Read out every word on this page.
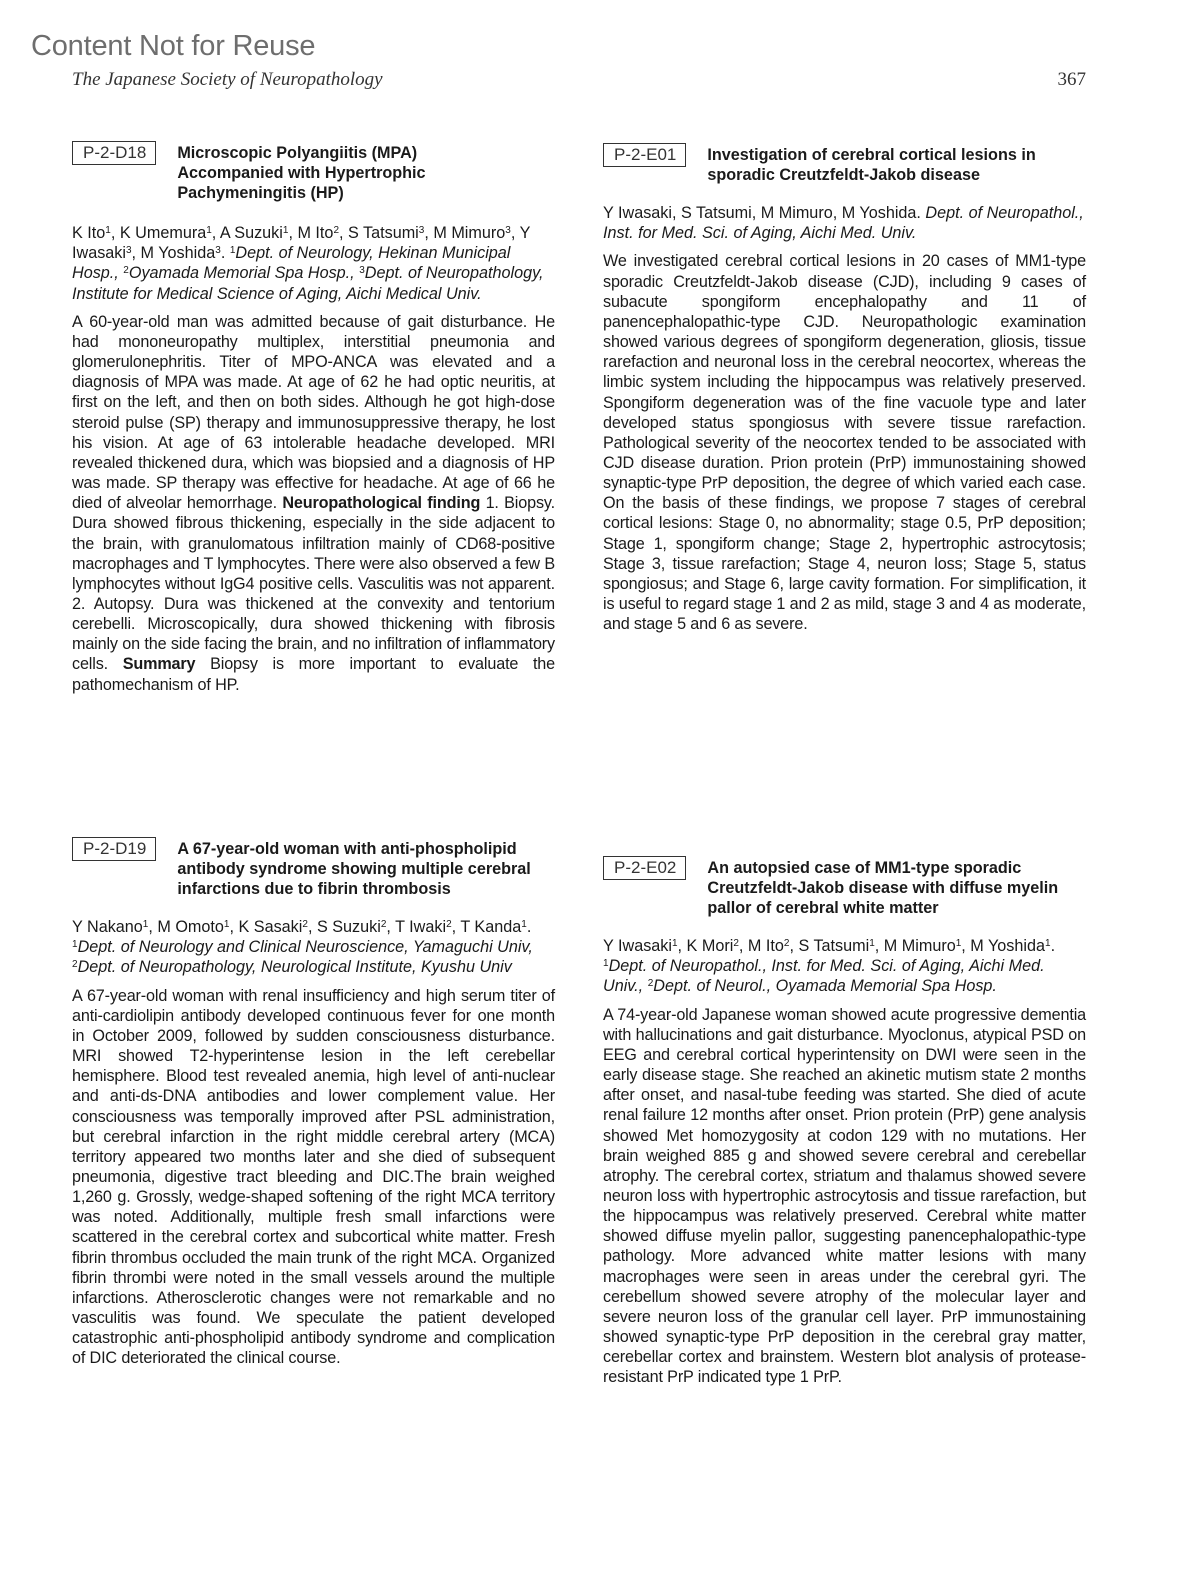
Content Not for Reuse
The Japanese Society of Neuropathology	367
P-2-D18	Microscopic Polyangiitis (MPA) Accompanied with Hypertrophic Pachymeningitis (HP)
K Ito$^1$, K Umemura$^1$, A Suzuki$^1$, M Ito$^2$, S Tatsumi$^3$, M Mimuro$^3$, Y Iwasaki$^3$, M Yoshida$^3$. $^1$Dept. of Neurology, Hekinan Municipal Hosp., $^2$Oyamada Memorial Spa Hosp., $^3$Dept. of Neuropathology, Institute for Medical Science of Aging, Aichi Medical Univ.
A 60-year-old man was admitted because of gait disturbance. He had mononeuropathy multiplex, interstitial pneumonia and glomerulonephritis. Titer of MPO-ANCA was elevated and a diagnosis of MPA was made. At age of 62 he had optic neuritis, at first on the left, and then on both sides. Although he got high-dose steroid pulse (SP) therapy and immunosuppressive therapy, he lost his vision. At age of 63 intolerable headache developed. MRI revealed thickened dura, which was biopsied and a diagnosis of HP was made. SP therapy was effective for headache. At age of 66 he died of alveolar hemorrhage. Neuropathological finding 1. Biopsy. Dura showed fibrous thickening, especially in the side adjacent to the brain, with granulomatous infiltration mainly of CD68-positive macrophages and T lymphocytes. There were also observed a few B lymphocytes without IgG4 positive cells. Vasculitis was not apparent. 2. Autopsy. Dura was thickened at the convexity and tentorium cerebelli. Microscopically, dura showed thickening with fibrosis mainly on the side facing the brain, and no infiltration of inflammatory cells. Summary Biopsy is more important to evaluate the pathomechanism of HP.
P-2-E01	Investigation of cerebral cortical lesions in sporadic Creutzfeldt-Jakob disease
Y Iwasaki, S Tatsumi, M Mimuro, M Yoshida. Dept. of Neuropathol., Inst. for Med. Sci. of Aging, Aichi Med. Univ.
We investigated cerebral cortical lesions in 20 cases of MM1-type sporadic Creutzfeldt-Jakob disease (CJD), including 9 cases of subacute spongiform encephalopathy and 11 of panencephalopathic-type CJD. Neuropathologic examination showed various degrees of spongiform degeneration, gliosis, tissue rarefaction and neuronal loss in the cerebral neocortex, whereas the limbic system including the hippocampus was relatively preserved. Spongiform degeneration was of the fine vacuole type and later developed status spongiosus with severe tissue rarefaction. Pathological severity of the neocortex tended to be associated with CJD disease duration. Prion protein (PrP) immunostaining showed synaptic-type PrP deposition, the degree of which varied each case. On the basis of these findings, we propose 7 stages of cerebral cortical lesions: Stage 0, no abnormality; stage 0.5, PrP deposition; Stage 1, spongiform change; Stage 2, hypertrophic astrocytosis; Stage 3, tissue rarefaction; Stage 4, neuron loss; Stage 5, status spongiosus; and Stage 6, large cavity formation. For simplification, it is useful to regard stage 1 and 2 as mild, stage 3 and 4 as moderate, and stage 5 and 6 as severe.
P-2-D19	A 67-year-old woman with anti-phospholipid antibody syndrome showing multiple cerebral infarctions due to fibrin thrombosis
Y Nakano$^1$, M Omoto$^1$, K Sasaki$^2$, S Suzuki$^2$, T Iwaki$^2$, T Kanda$^1$. $^1$Dept. of Neurology and Clinical Neuroscience, Yamaguchi Univ, $^2$Dept. of Neuropathology, Neurological Institute, Kyushu Univ
A 67-year-old woman with renal insufficiency and high serum titer of anti-cardiolipin antibody developed continuous fever for one month in October 2009, followed by sudden consciousness disturbance. MRI showed T2-hyperintense lesion in the left cerebellar hemisphere. Blood test revealed anemia, high level of anti-nuclear and anti-ds-DNA antibodies and lower complement value. Her consciousness was temporally improved after PSL administration, but cerebral infarction in the right middle cerebral artery (MCA) territory appeared two months later and she died of subsequent pneumonia, digestive tract bleeding and DIC.The brain weighed 1,260 g. Grossly, wedge-shaped softening of the right MCA territory was noted. Additionally, multiple fresh small infarctions were scattered in the cerebral cortex and subcortical white matter. Fresh fibrin thrombus occluded the main trunk of the right MCA. Organized fibrin thrombi were noted in the small vessels around the multiple infarctions. Atherosclerotic changes were not remarkable and no vasculitis was found. We speculate the patient developed catastrophic anti-phospholipid antibody syndrome and complication of DIC deteriorated the clinical course.
P-2-E02	An autopsied case of MM1-type sporadic Creutzfeldt-Jakob disease with diffuse myelin pallor of cerebral white matter
Y Iwasaki$^1$, K Mori$^2$, M Ito$^2$, S Tatsumi$^1$, M Mimuro$^1$, M Yoshida$^1$. $^1$Dept. of Neuropathol., Inst. for Med. Sci. of Aging, Aichi Med. Univ., $^2$Dept. of Neurol., Oyamada Memorial Spa Hosp.
A 74-year-old Japanese woman showed acute progressive dementia with hallucinations and gait disturbance. Myoclonus, atypical PSD on EEG and cerebral cortical hyperintensity on DWI were seen in the early disease stage. She reached an akinetic mutism state 2 months after onset, and nasal-tube feeding was started. She died of acute renal failure 12 months after onset. Prion protein (PrP) gene analysis showed Met homozygosity at codon 129 with no mutations. Her brain weighed 885 g and showed severe cerebral and cerebellar atrophy. The cerebral cortex, striatum and thalamus showed severe neuron loss with hypertrophic astrocytosis and tissue rarefaction, but the hippocampus was relatively preserved. Cerebral white matter showed diffuse myelin pallor, suggesting panencephalopathic-type pathology. More advanced white matter lesions with many macrophages were seen in areas under the cerebral gyri. The cerebellum showed severe atrophy of the molecular layer and severe neuron loss of the granular cell layer. PrP immunostaining showed synaptic-type PrP deposition in the cerebral gray matter, cerebellar cortex and brainstem. Western blot analysis of protease-resistant PrP indicated type 1 PrP.
